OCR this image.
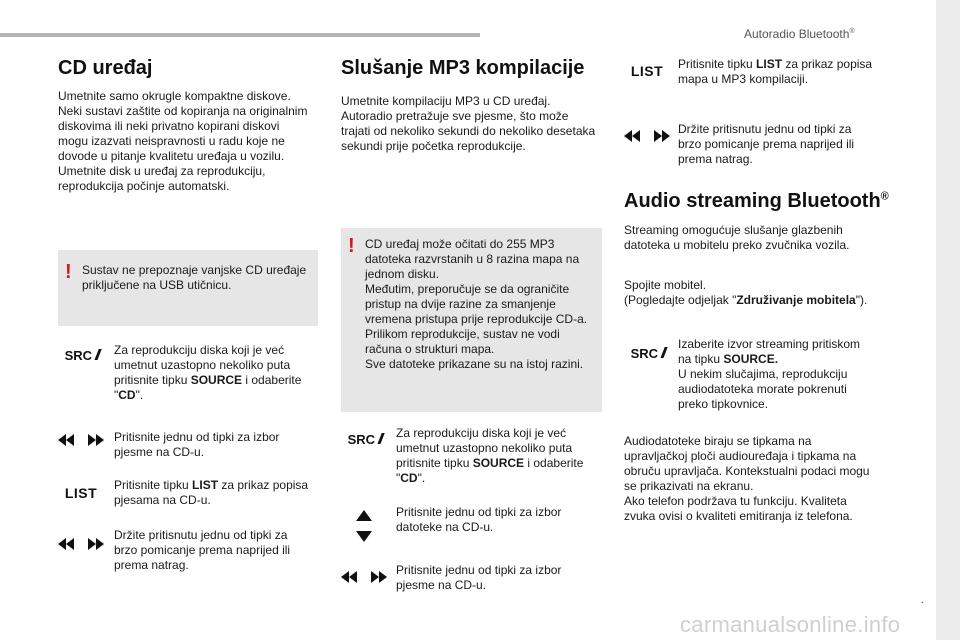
Autoradio Bluetooth®
CD uređaj

Umetnite samo okrugle kompaktne diskove.

Neki sustavi zaštite od kopiranja na originalnim

diskovima ili neki privatno kopirani diskovi

mogu izazvati neispravnosti u radu koje ne

dovode u pitanje kvalitetu uređaja u vozilu.

Umetnite disk u uređaj za reprodukciju,

reprodukcija počinje automatski.

! Sustav ne prepoznaje vanjske CD uređaje

priključene na USB utičnicu.

SRC // Za reprodukciju diska koji je već

umetnut uzastopno nekoliko puta

pritisnite tipku SOURCE i odaberite

"CD".

Pritisnite jednu od tipki za izbor

pjesme na CD-u.

LIST	Pritisnite tipku LIST za prikaz popisa

pjesama na CD-u.

Držite pritisnutu jednu od tipki za

brzo pomicanje prema naprijed ili

prema natrag.

Slušanje MP3 kompilacije

Umetnite kompilaciju MP3 u CD uređaj.

Autoradio pretražuje sve pjesme, što može

trajati od nekoliko sekundi do nekoliko desetaka

sekundi prije početka reprodukcije.

! CD uređaj može očitati do 255 MP3

datoteka razvrstanih u 8 razina mapa na

jednom disku.

Međutim, preporučuje se da ograničite

pristup na dvije razine za smanjenje

vremena pristupa prije reprodukcije CD-a.

Prilikom reprodukcije, sustav ne vodi

računa o strukturi mapa.

Sve datoteke prikazane su na istoj razini.

SRC // Za reprodukciju diska koji je već

umetnut uzastopno nekoliko puta

pritisnite tipku SOURCE i odaberite

"CD".

Pritisnite jednu od tipki za izbor

datoteke na CD-u.

Pritisnite jednu od tipki za izbor

pjesme na CD-u.

LIST	Pritisnite tipku LIST za prikaz popisa

mapa u MP3 kompilaciji.

Držite pritisnutu jednu od tipki za

brzo pomicanje prema naprijed ili

prema natrag.

Audio streaming Bluetooth®

Streaming omogućuje slušanje glazbenih

datoteka u mobitelu preko zvučnika vozila.

Spojite mobitel.

(Pogledajte odjeljak "Združivanje mobitela").

SRC //

Izaberite izvor streaming pritiskom

na tipku SOURCE.

U nekim slučajima, reprodukciju

audiodatoteka morate pokrenuti

preko tipkovnice.

Audiodatoteke biraju se tipkama na

upravljačkoj ploči audiouređaja i tipkama na

obruču upravljača. Kontekstualni podaci mogu

se prikazivati na ekranu.

Ako telefon podržava tu funkciju. Kvaliteta

zvuka ovisi o kvaliteti emitiranja iz telefona.

.
carmanualsonline.info
